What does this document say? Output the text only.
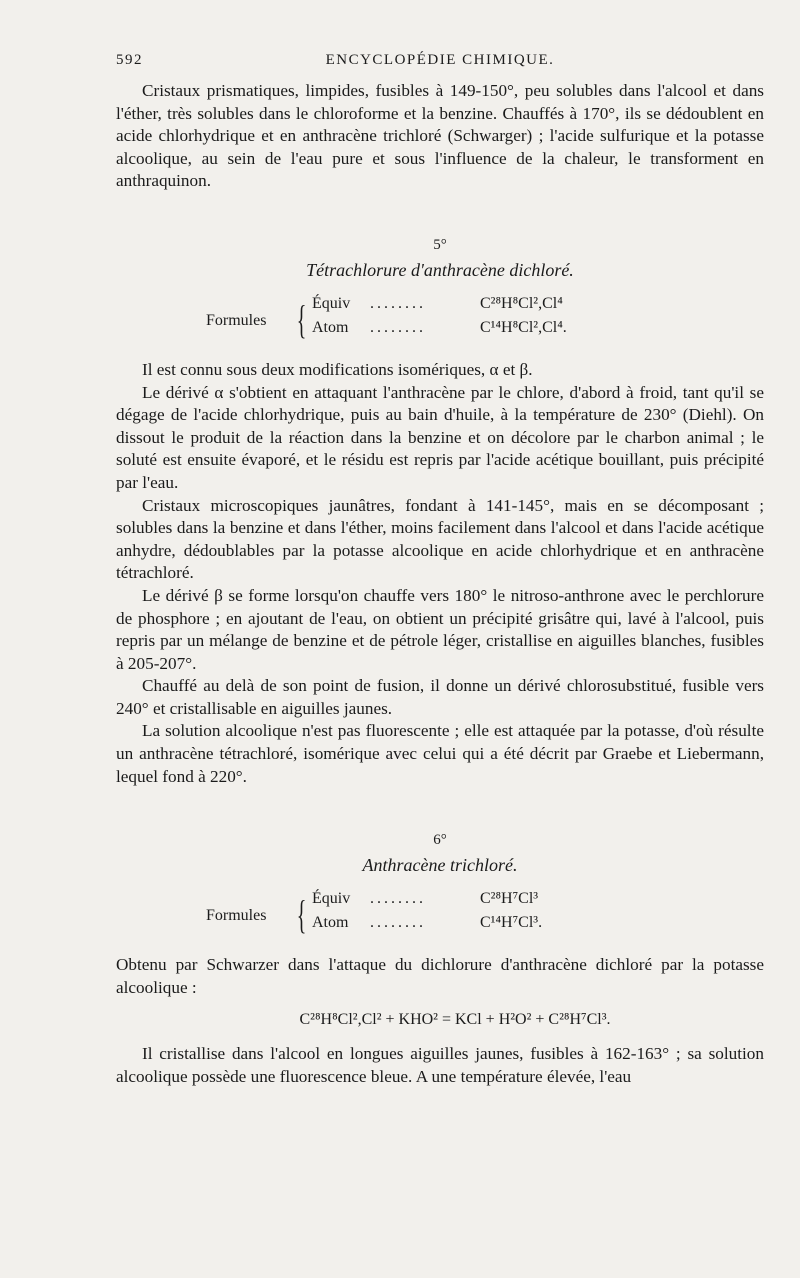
592	ENCYCLOPÉDIE CHIMIQUE.

Cristaux prismatiques, limpides, fusibles à 149-150°, peu solubles dans l'alcool et dans l'éther, très solubles dans le chloroforme et la benzine. Chauffés à 170°, ils se dédoublent en acide chlorhydrique et en anthracène trichloré (Schwarger) ; l'acide sulfurique et la potasse alcoolique, au sein de l'eau pure et sous l'influence de la chaleur, le transforment en anthraquinon.

5°
Tétrachlorure d'anthracène dichloré.
Formules { Équiv ........	C²⁸H⁸Cl²,Cl⁴
Atom ........	C¹⁴H⁸Cl²,Cl⁴.

Il est connu sous deux modifications isomériques, α et β.

Le dérivé α s'obtient en attaquant l'anthracène par le chlore, d'abord à froid, tant qu'il se dégage de l'acide chlorhydrique, puis au bain d'huile, à la température de 230° (Diehl). On dissout le produit de la réaction dans la benzine et on décolore par le charbon animal ; le soluté est ensuite évaporé, et le résidu est repris par l'acide acétique bouillant, puis précipité par l'eau.

Cristaux microscopiques jaunâtres, fondant à 141-145°, mais en se décomposant ; solubles dans la benzine et dans l'éther, moins facilement dans l'alcool et dans l'acide acétique anhydre, dédoublables par la potasse alcoolique en acide chlorhydrique et en anthracène tétrachloré.

Le dérivé β se forme lorsqu'on chauffe vers 180° le nitroso-anthrone avec le perchlorure de phosphore ; en ajoutant de l'eau, on obtient un précipité grisâtre qui, lavé à l'alcool, puis repris par un mélange de benzine et de pétrole léger, cristallise en aiguilles blanches, fusibles à 205-207°.

Chauffé au delà de son point de fusion, il donne un dérivé chlorosubstitué, fusible vers 240° et cristallisable en aiguilles jaunes.

La solution alcoolique n'est pas fluorescente ; elle est attaquée par la potasse, d'où résulte un anthracène tétrachloré, isomérique avec celui qui a été décrit par Graebe et Liebermann, lequel fond à 220°.

6°
Anthracène trichloré.
Formules { Équiv ........	C²⁸H⁷Cl³
Atom ........	C¹⁴H⁷Cl³.

Obtenu par Schwarzer dans l'attaque du dichlorure d'anthracène dichloré par la potasse alcoolique :

C²⁸H⁸Cl²,Cl² + KHO² = KCl + H²O² + C²⁸H⁷Cl³.

Il cristallise dans l'alcool en longues aiguilles jaunes, fusibles à 162-163° ; sa solution alcoolique possède une fluorescence bleue. A une température élevée, l'eau
